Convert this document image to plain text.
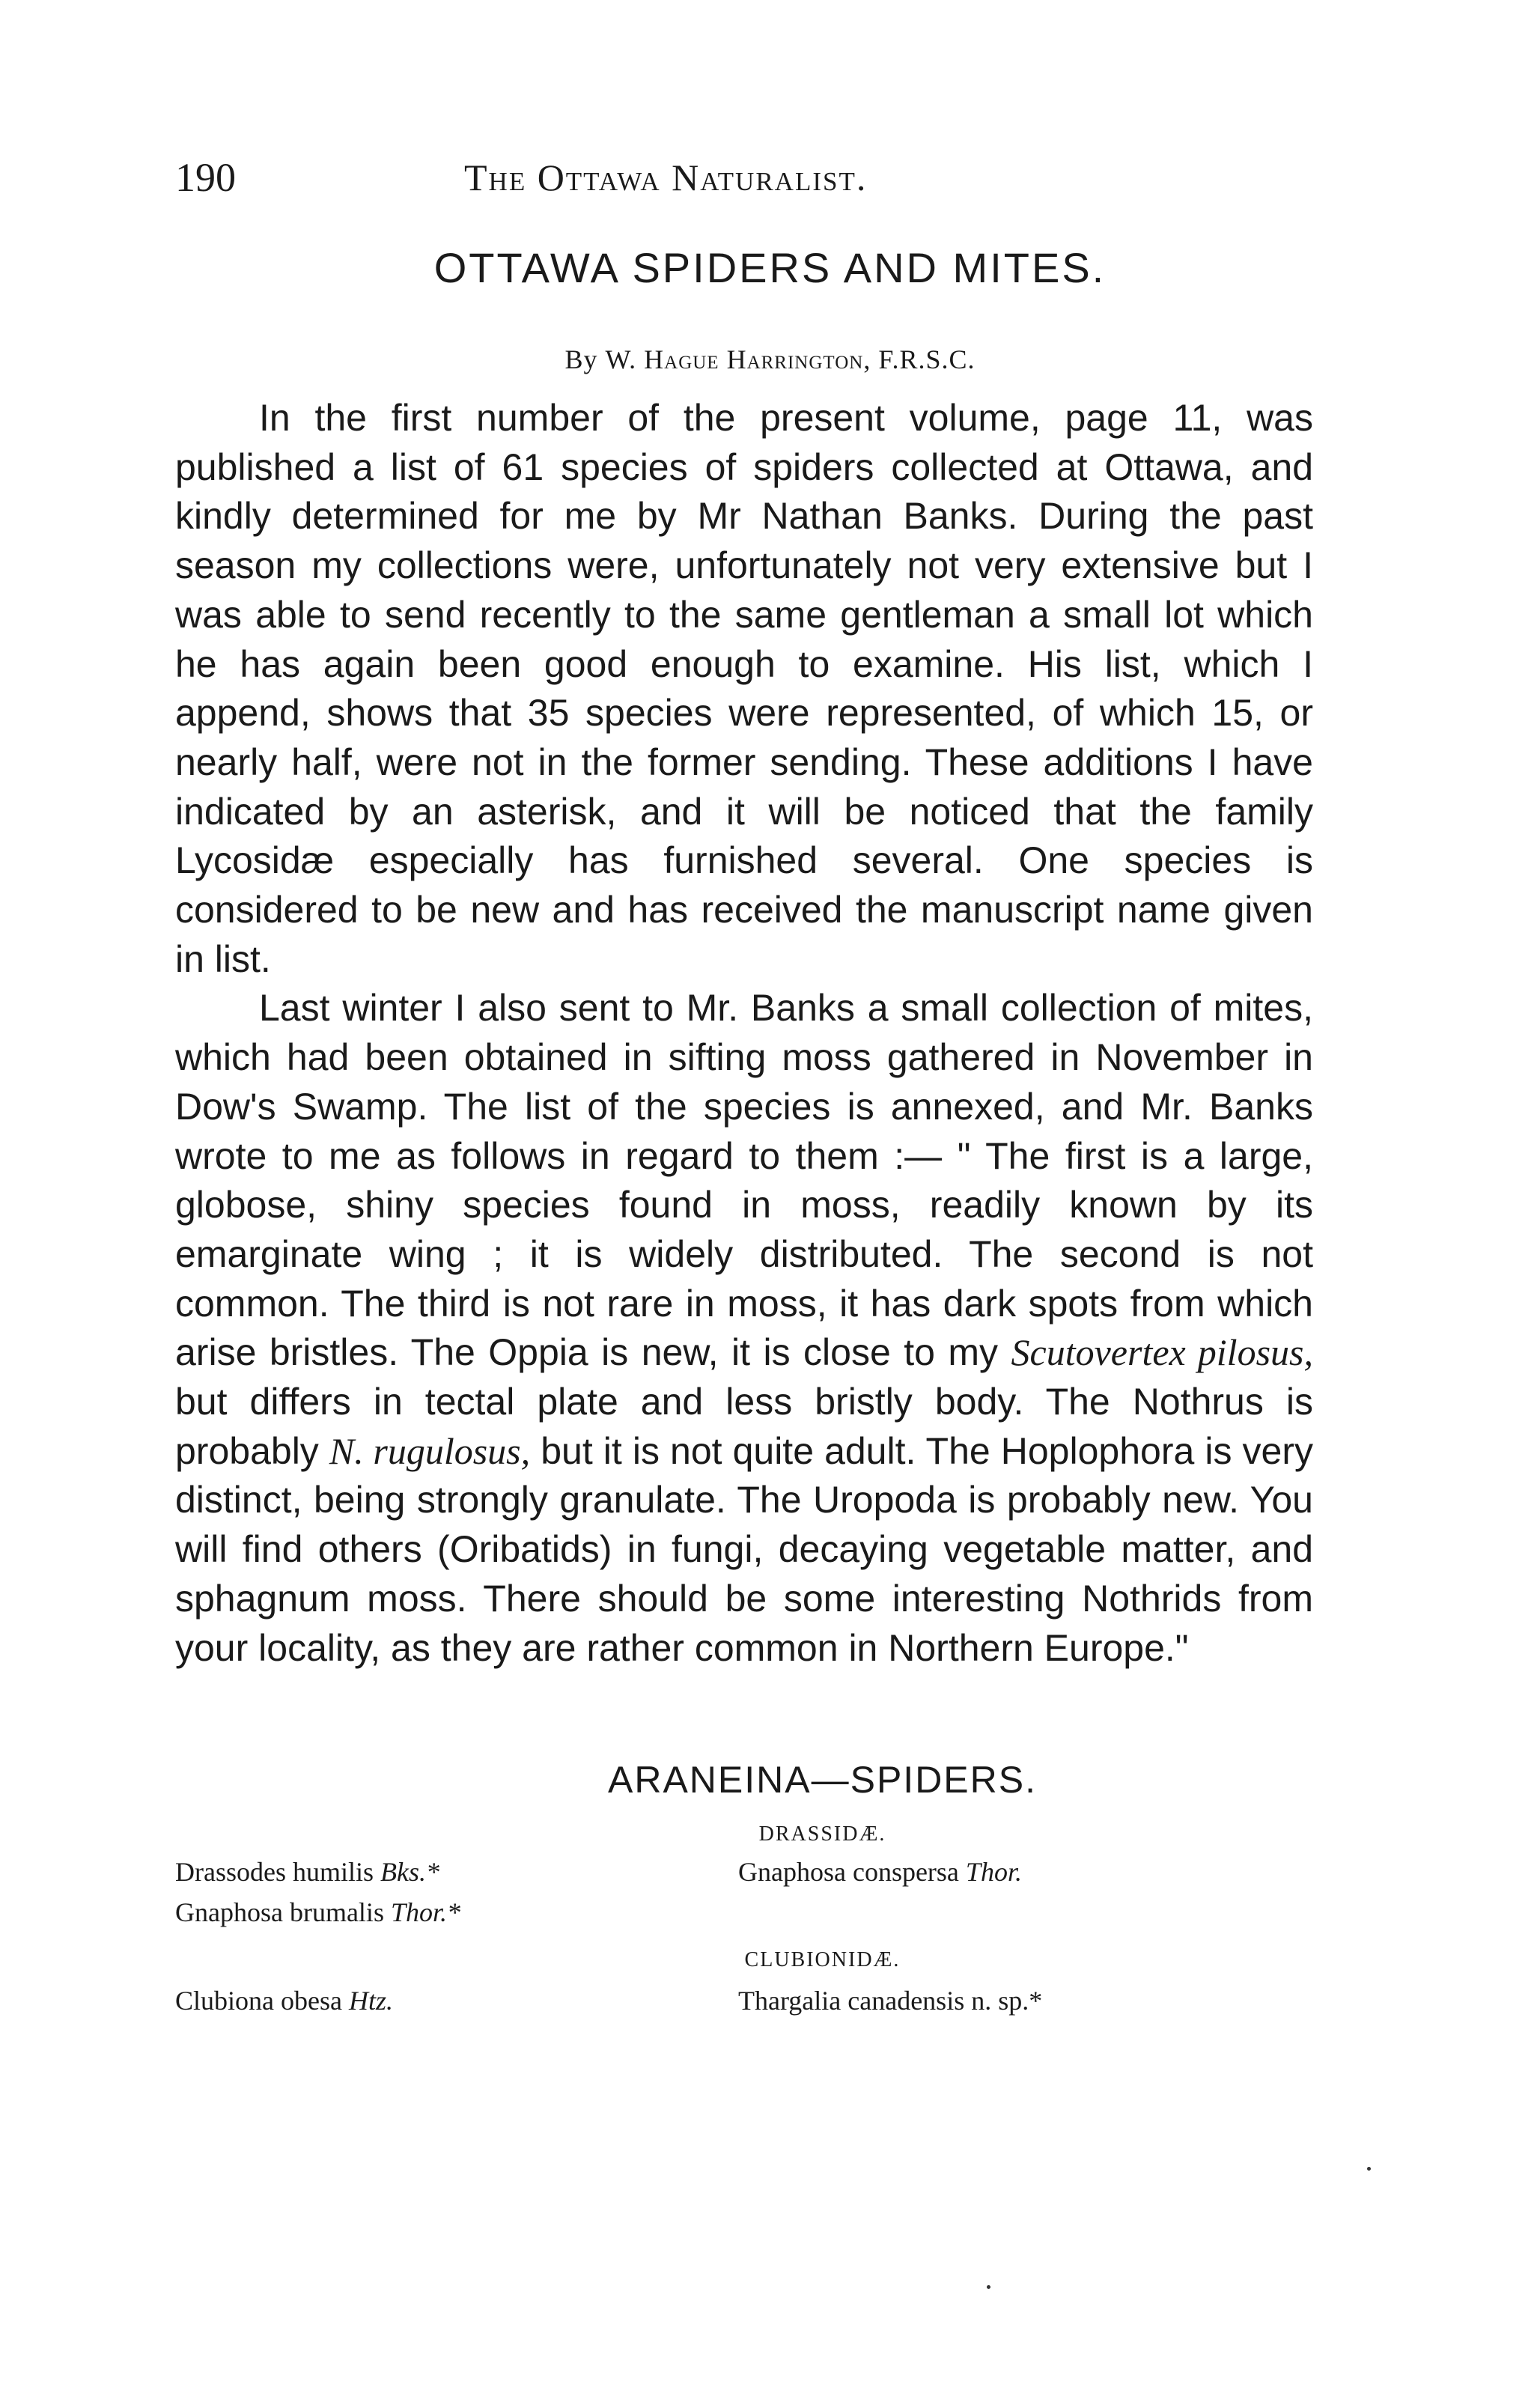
190	The Ottawa Naturalist.
OTTAWA SPIDERS AND MITES.
By W. Hague Harrington, F.R.S.C.

In the first number of the present volume, page 11, was published a list of 61 species of spiders collected at Ottawa, and kindly determined for me by Mr Nathan Banks. During the past season my collections were, unfortunately not very extensive but I was able to send recently to the same gentleman a small lot which he has again been good enough to examine. His list, which I append, shows that 35 species were represented, of which 15, or nearly half, were not in the former sending. These additions I have indicated by an asterisk, and it will be noticed that the family Lycosidæ especially has furnished several. One species is considered to be new and has received the manuscript name given in list.

Last winter I also sent to Mr. Banks a small collection of mites, which had been obtained in sifting moss gathered in November in Dow's Swamp. The list of the species is annexed, and Mr. Banks wrote to me as follows in regard to them :— " The first is a large, globose, shiny species found in moss, readily known by its emarginate wing ; it is widely distributed. The second is not common. The third is not rare in moss, it has dark spots from which arise bristles. The Oppia is new, it is close to my Scutovertex pilosus, but differs in tectal plate and less bristly body. The Nothrus is probably N. rugulosus, but it is not quite adult. The Hoplophora is very distinct, being strongly granulate. The Uropoda is probably new. You will find others (Oribatids) in fungi, decaying vegetable matter, and sphagnum moss. There should be some interesting Nothrids from your locality, as they are rather common in Northern Europe."

ARANEINA—SPIDERS.
DRASSIDÆ.
Drassodes humilis Bks.*
Gnaphosa brumalis Thor.*
Gnaphosa conspersa Thor.
CLUBIONIDÆ.
Clubiona obesa Htz.	Thargalia canadensis n. sp.*
